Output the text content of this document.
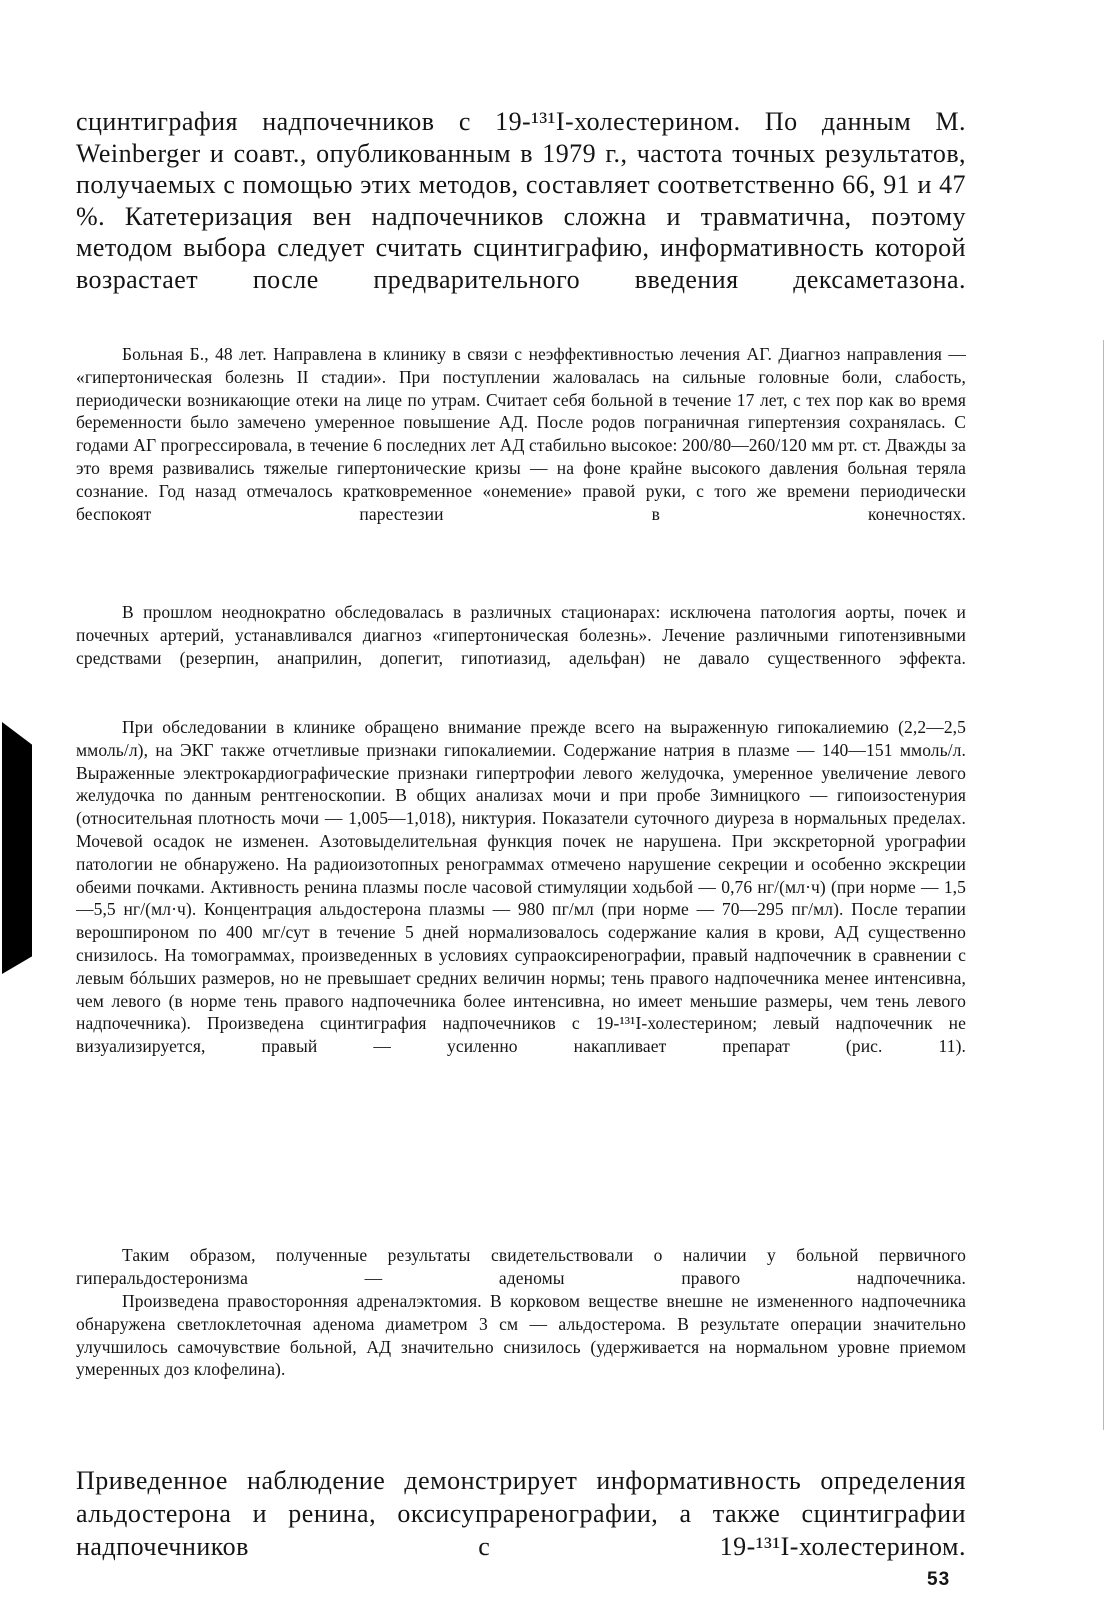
сцинтиграфия надпочечников с 19-¹³¹I-холестерином. По данным M. Weinberger и соавт., опубликованным в 1979 г., частота точных результатов, получаемых с помощью этих методов, составляет соответственно 66, 91 и 47 %. Катетеризация вен надпочечников сложна и травматична, поэтому методом выбора следует считать сцинтиграфию, информативность которой возрастает после предварительного введения дексаметазона.

Больная Б., 48 лет. Направлена в клинику в связи с неэффективностью лечения АГ. Диагноз направления — «гипертоническая болезнь II стадии». При поступлении жаловалась на сильные головные боли, слабость, периодически возникающие отеки на лице по утрам. Считает себя больной в течение 17 лет, с тех пор как во время беременности было замечено умеренное повышение АД. После родов пограничная гипертензия сохранялась. С годами АГ прогрессировала, в течение 6 последних лет АД стабильно высокое: 200/80—260/120 мм рт. ст. Дважды за это время развивались тяжелые гипертонические кризы — на фоне крайне высокого давления больная теряла сознание. Год назад отмечалось кратковременное «онемение» правой руки, с того же времени периодически беспокоят парестезии в конечностях.

В прошлом неоднократно обследовалась в различных стационарах: исключена патология аорты, почек и почечных артерий, устанавливался диагноз «гипертоническая болезнь». Лечение различными гипотензивными средствами (резерпин, анаприлин, допегит, гипотиазид, адельфан) не давало существенного эффекта.

При обследовании в клинике обращено внимание прежде всего на выраженную гипокалиемию (2,2—2,5 ммоль/л), на ЭКГ также отчетливые признаки гипокалиемии. Содержание натрия в плазме — 140—151 ммоль/л. Выраженные электрокардиографические признаки гипертрофии левого желудочка, умеренное увеличение левого желудочка по данным рентгеноскопии. В общих анализах мочи и при пробе Зимницкого — гипоизостенурия (относительная плотность мочи — 1,005—1,018), никтурия. Показатели суточного диуреза в нормальных пределах. Мочевой осадок не изменен. Азотовыделительная функция почек не нарушена. При экскреторной урографии патологии не обнаружено. На радиоизотопных ренограммах отмечено нарушение секреции и особенно экскреции обеими почками. Активность ренина плазмы после часовой стимуляции ходьбой — 0,76 нг/(мл·ч) (при норме — 1,5—5,5 нг/(мл·ч). Концентрация альдостерона плазмы — 980 пг/мл (при норме — 70—295 пг/мл). После терапии верошпироном по 400 мг/сут в течение 5 дней нормализовалось содержание калия в крови, АД существенно снизилось. На томограммах, произведенных в условиях супраоксиренографии, правый надпочечник в сравнении с левым бóльших размеров, но не превышает средних величин нормы; тень правого надпочечника менее интенсивна, чем левого (в норме тень правого надпочечника более интенсивна, но имеет меньшие размеры, чем тень левого надпочечника). Произведена сцинтиграфия надпочечников с 19-¹³¹I-холестерином; левый надпочечник не визуализируется, правый — усиленно накапливает препарат (рис. 11).

Таким образом, полученные результаты свидетельствовали о наличии у больной первичного гиперальдостеронизма — аденомы правого надпочечника.

Произведена правосторонняя адреналэктомия. В корковом веществе внешне не измененного надпочечника обнаружена светлоклеточная аденома диаметром 3 см — альдостерома. В результате операции значительно улучшилось самочувствие больной, АД значительно снизилось (удерживается на нормальном уровне приемом умеренных доз клофелина).

Приведенное наблюдение демонстрирует информативность определения альдостерона и ренина, оксисупраренографии, а также сцинтиграфии надпочечников с 19-¹³¹I-холестерином.

53
